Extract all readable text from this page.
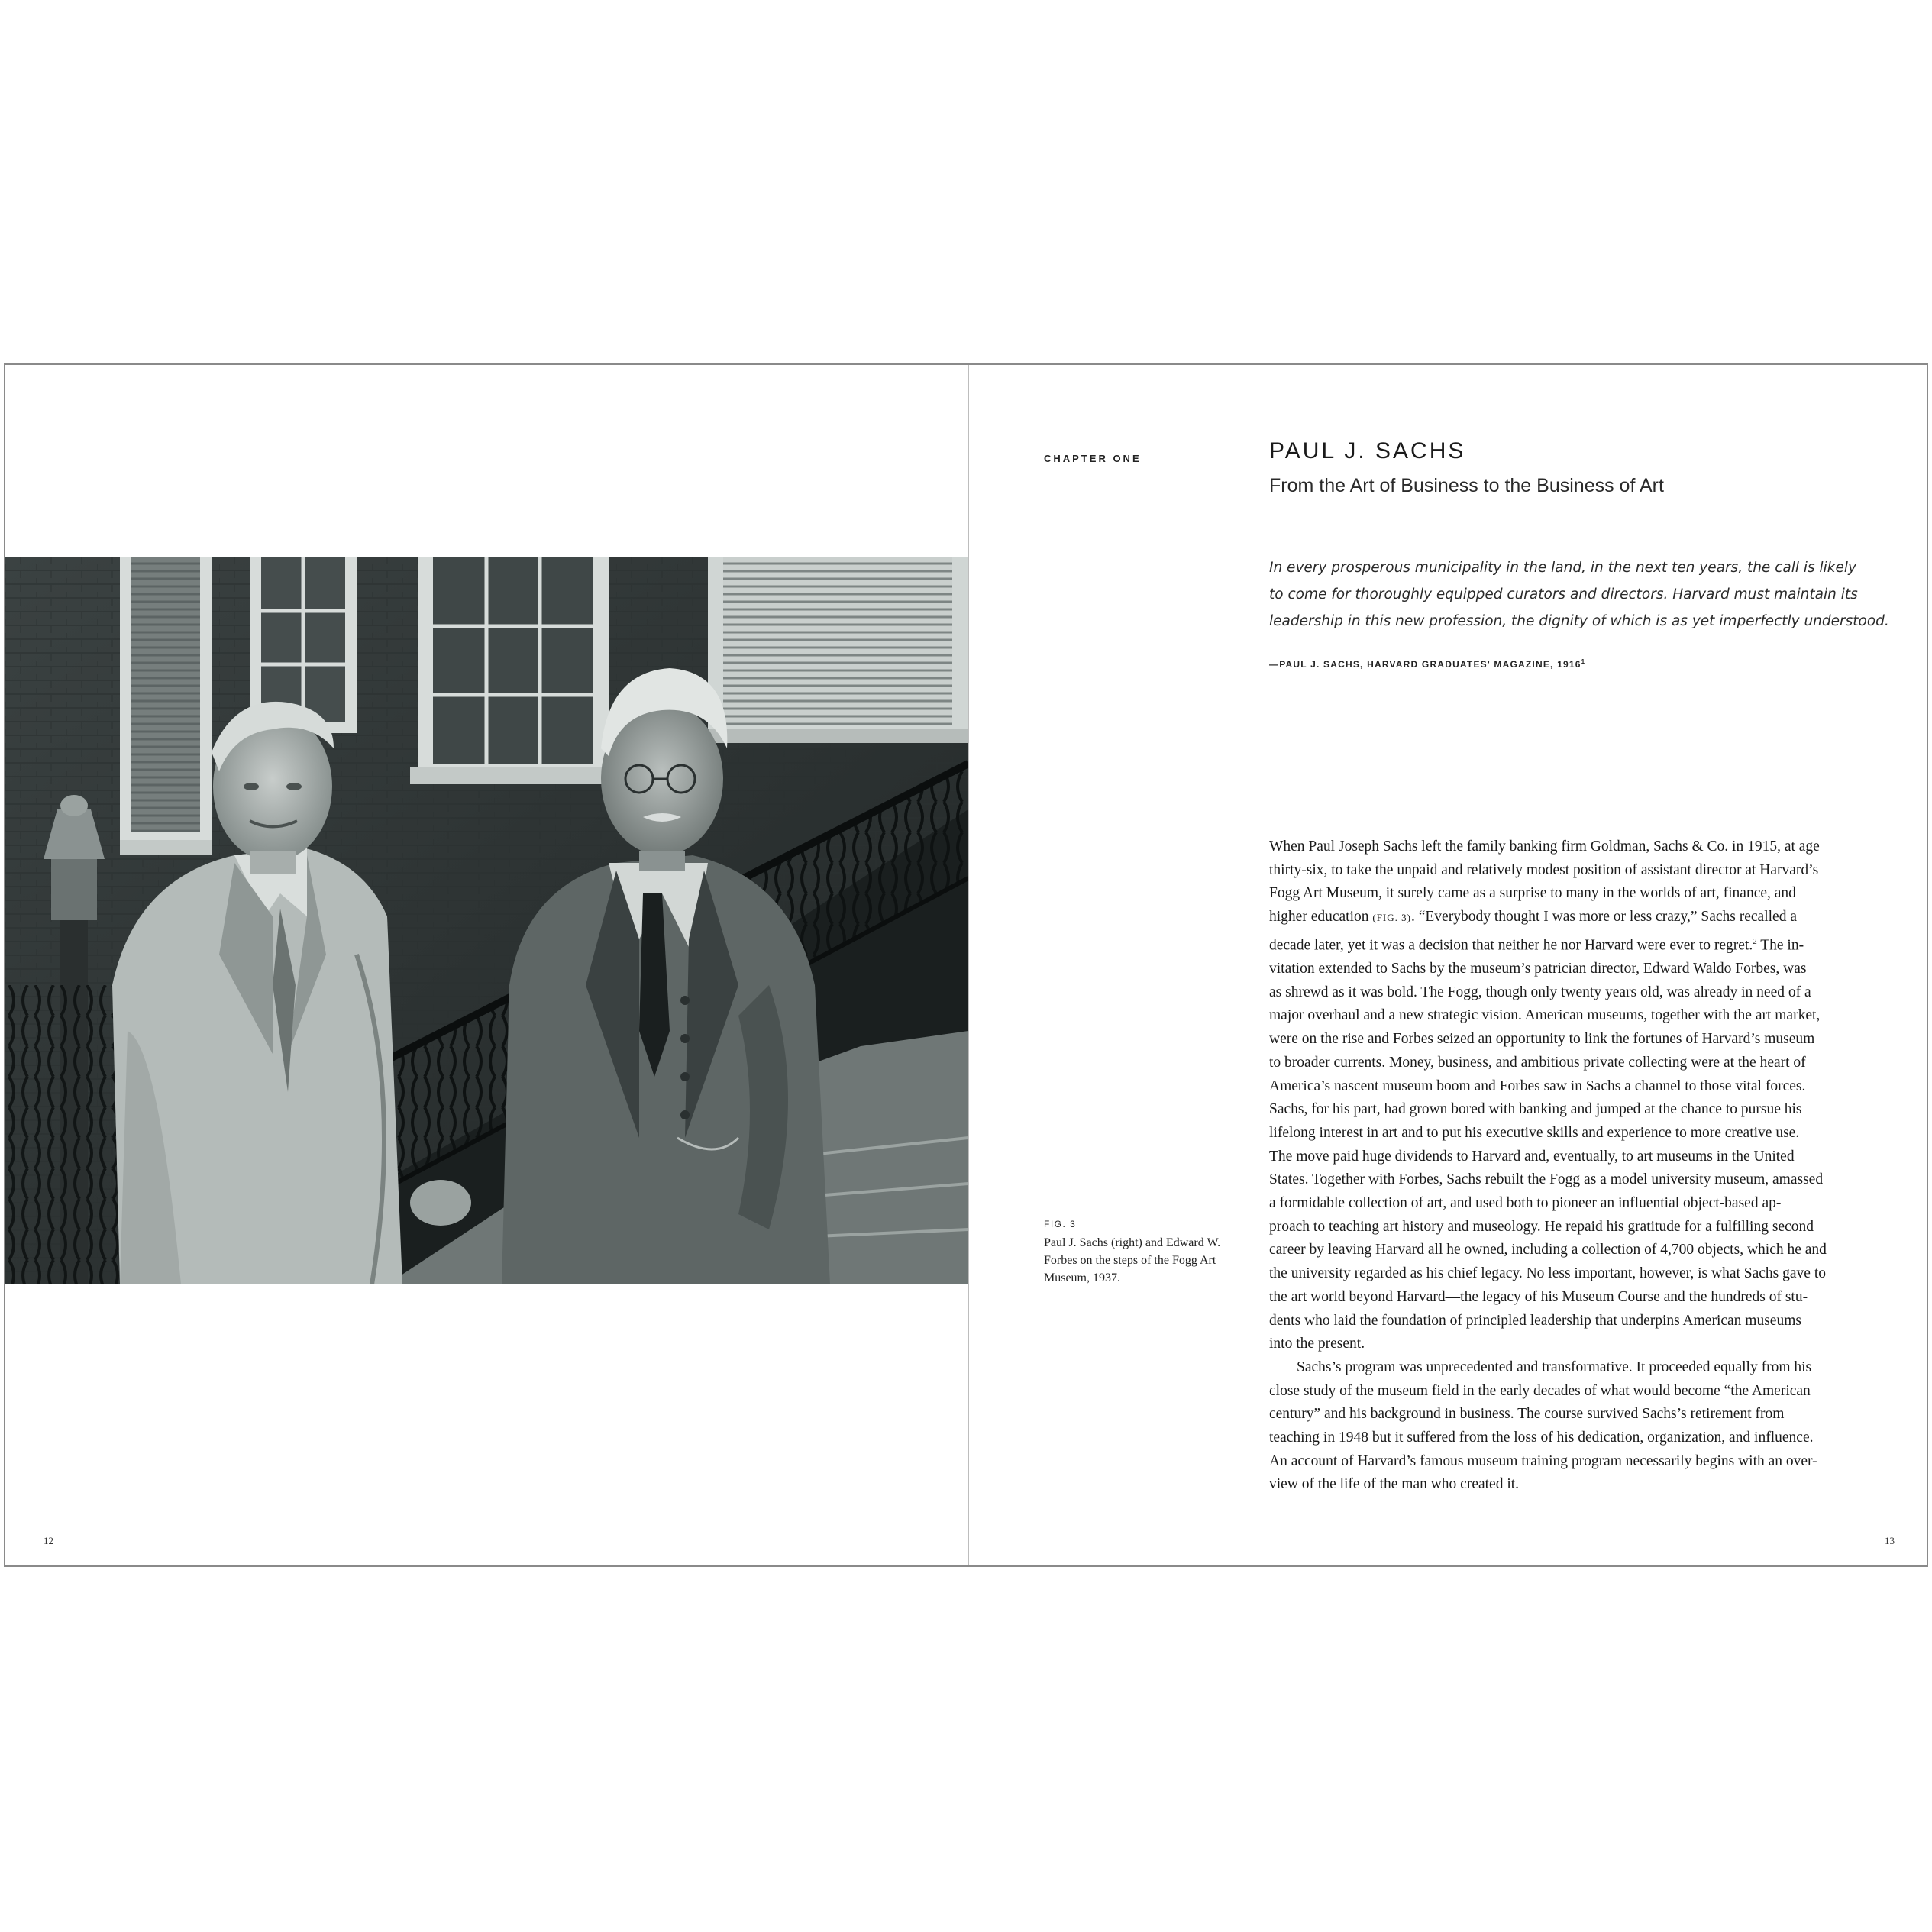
12
CHAPTER ONE	PAUL J. SACHS
From the Art of Business to the Business of Art

In every prosperous municipality in the land, in the next ten years, the call is likely
to come for thoroughly equipped curators and directors. Harvard must maintain its
leadership in this new profession, the dignity of which is as yet imperfectly understood.

—PAUL J. SACHS, HARVARD GRADUATES' MAGAZINE, 1916$^1$
FIG. 3
Paul J. Sachs (right) and Edward W.
Forbes on the steps of the Fogg Art
Museum, 1937.
When Paul Joseph Sachs left the family banking firm Goldman, Sachs & Co. in 1915, at age
thirty-six, to take the unpaid and relatively modest position of assistant director at Harvard’s
Fogg Art Museum, it surely came as a surprise to many in the worlds of art, finance, and
higher education (FIG. 3). “Everybody thought I was more or less crazy,” Sachs recalled a
decade later, yet it was a decision that neither he nor Harvard were ever to regret.$^2$ The in-
vitation extended to Sachs by the museum’s patrician director, Edward Waldo Forbes, was
as shrewd as it was bold. The Fogg, though only twenty years old, was already in need of a
major overhaul and a new strategic vision. American museums, together with the art market,
were on the rise and Forbes seized an opportunity to link the fortunes of Harvard’s museum
to broader currents. Money, business, and ambitious private collecting were at the heart of
America’s nascent museum boom and Forbes saw in Sachs a channel to those vital forces.
Sachs, for his part, had grown bored with banking and jumped at the chance to pursue his
lifelong interest in art and to put his executive skills and experience to more creative use.
The move paid huge dividends to Harvard and, eventually, to art museums in the United
States. Together with Forbes, Sachs rebuilt the Fogg as a model university museum, amassed
a formidable collection of art, and used both to pioneer an influential object-based ap-
proach to teaching art history and museology. He repaid his gratitude for a fulfilling second
career by leaving Harvard all he owned, including a collection of 4,700 objects, which he and
the university regarded as his chief legacy. No less important, however, is what Sachs gave to
the art world beyond Harvard—the legacy of his Museum Course and the hundreds of stu-
dents who laid the foundation of principled leadership that underpins American museums
into the present.
Sachs’s program was unprecedented and transformative. It proceeded equally from his
close study of the museum field in the early decades of what would become “the American
century” and his background in business. The course survived Sachs’s retirement from
teaching in 1948 but it suffered from the loss of his dedication, organization, and influence.
An account of Harvard’s famous museum training program necessarily begins with an over-
view of the life of the man who created it.
13
